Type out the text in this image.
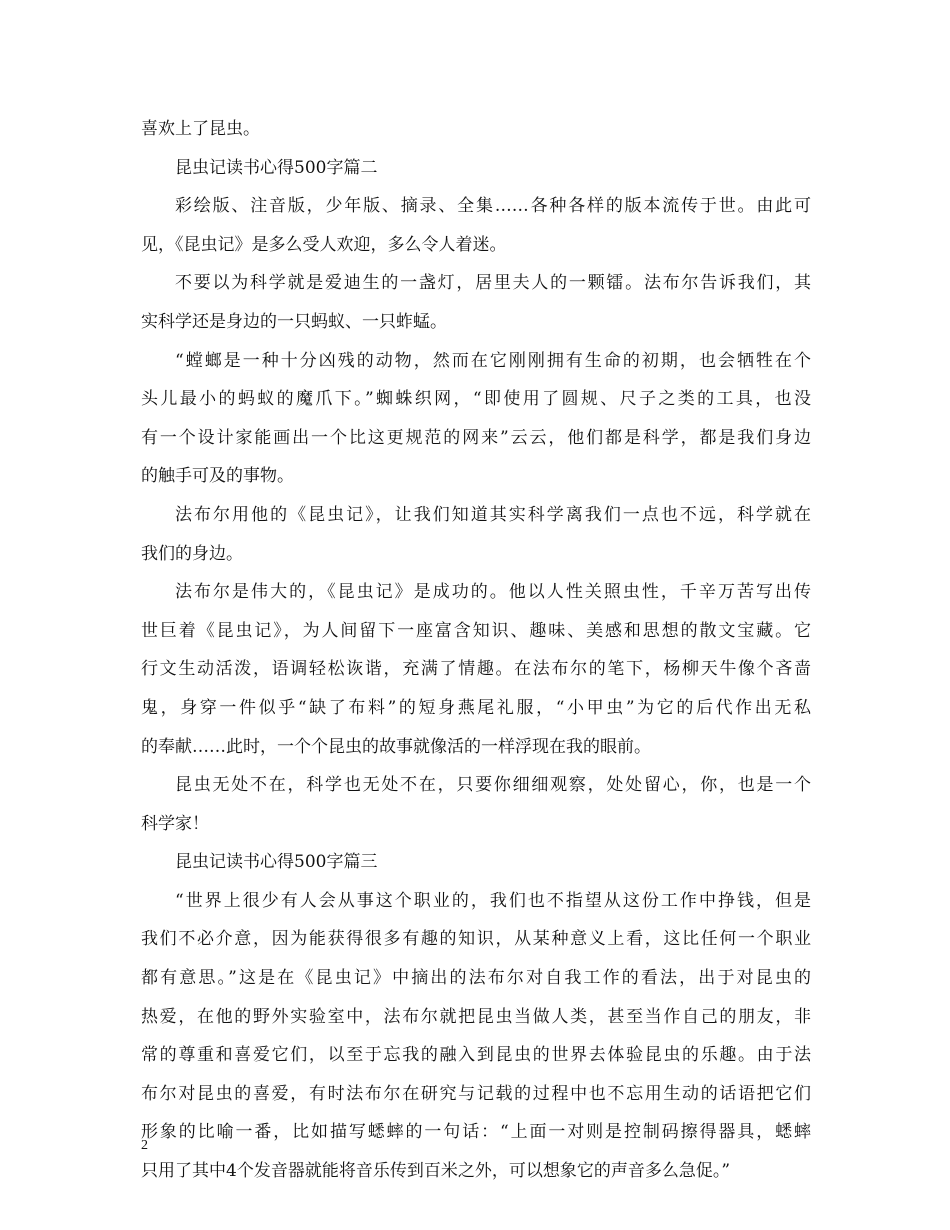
喜欢上了昆虫。
昆虫记读书心得500字篇二
彩绘版、注音版，少年版、摘录、全集……各种各样的版本流传于世。由此可
见，《昆虫记》是多么受人欢迎，多么令人着迷。
不要以为科学就是爱迪生的一盏灯，居里夫人的一颗镭。法布尔告诉我们，其
实科学还是身边的一只蚂蚁、一只蚱蜢。
“螳螂是一种十分凶残的动物，然而在它刚刚拥有生命的初期，也会牺牲在个
头儿最小的蚂蚁的魔爪下。”蜘蛛织网，“即使用了圆规、尺子之类的工具，也没
有一个设计家能画出一个比这更规范的网来”云云，他们都是科学，都是我们身边
的触手可及的事物。
法布尔用他的《昆虫记》，让我们知道其实科学离我们一点也不远，科学就在
我们的身边。
法布尔是伟大的，《昆虫记》是成功的。他以人性关照虫性，千辛万苦写出传
世巨着《昆虫记》，为人间留下一座富含知识、趣味、美感和思想的散文宝藏。它
行文生动活泼，语调轻松诙谐，充满了情趣。在法布尔的笔下，杨柳天牛像个吝啬
鬼，身穿一件似乎“缺了布料”的短身燕尾礼服，“小甲虫”为它的后代作出无私
的奉献……此时，一个个昆虫的故事就像活的一样浮现在我的眼前。
昆虫无处不在，科学也无处不在，只要你细细观察，处处留心，你，也是一个
科学家！
昆虫记读书心得500字篇三
“世界上很少有人会从事这个职业的，我们也不指望从这份工作中挣钱，但是
我们不必介意，因为能获得很多有趣的知识，从某种意义上看，这比任何一个职业
都有意思。”这是在《昆虫记》中摘出的法布尔对自我工作的看法，出于对昆虫的
热爱，在他的野外实验室中，法布尔就把昆虫当做人类，甚至当作自己的朋友，非
常的尊重和喜爱它们，以至于忘我的融入到昆虫的世界去体验昆虫的乐趣。由于法
布尔对昆虫的喜爱，有时法布尔在研究与记载的过程中也不忘用生动的话语把它们
形象的比喻一番，比如描写蟋蟀的一句话：“上面一对则是控制码擦得器具，蟋蟀
只用了其中4个发音器就能将音乐传到百米之外，可以想象它的声音多么急促。”
2
